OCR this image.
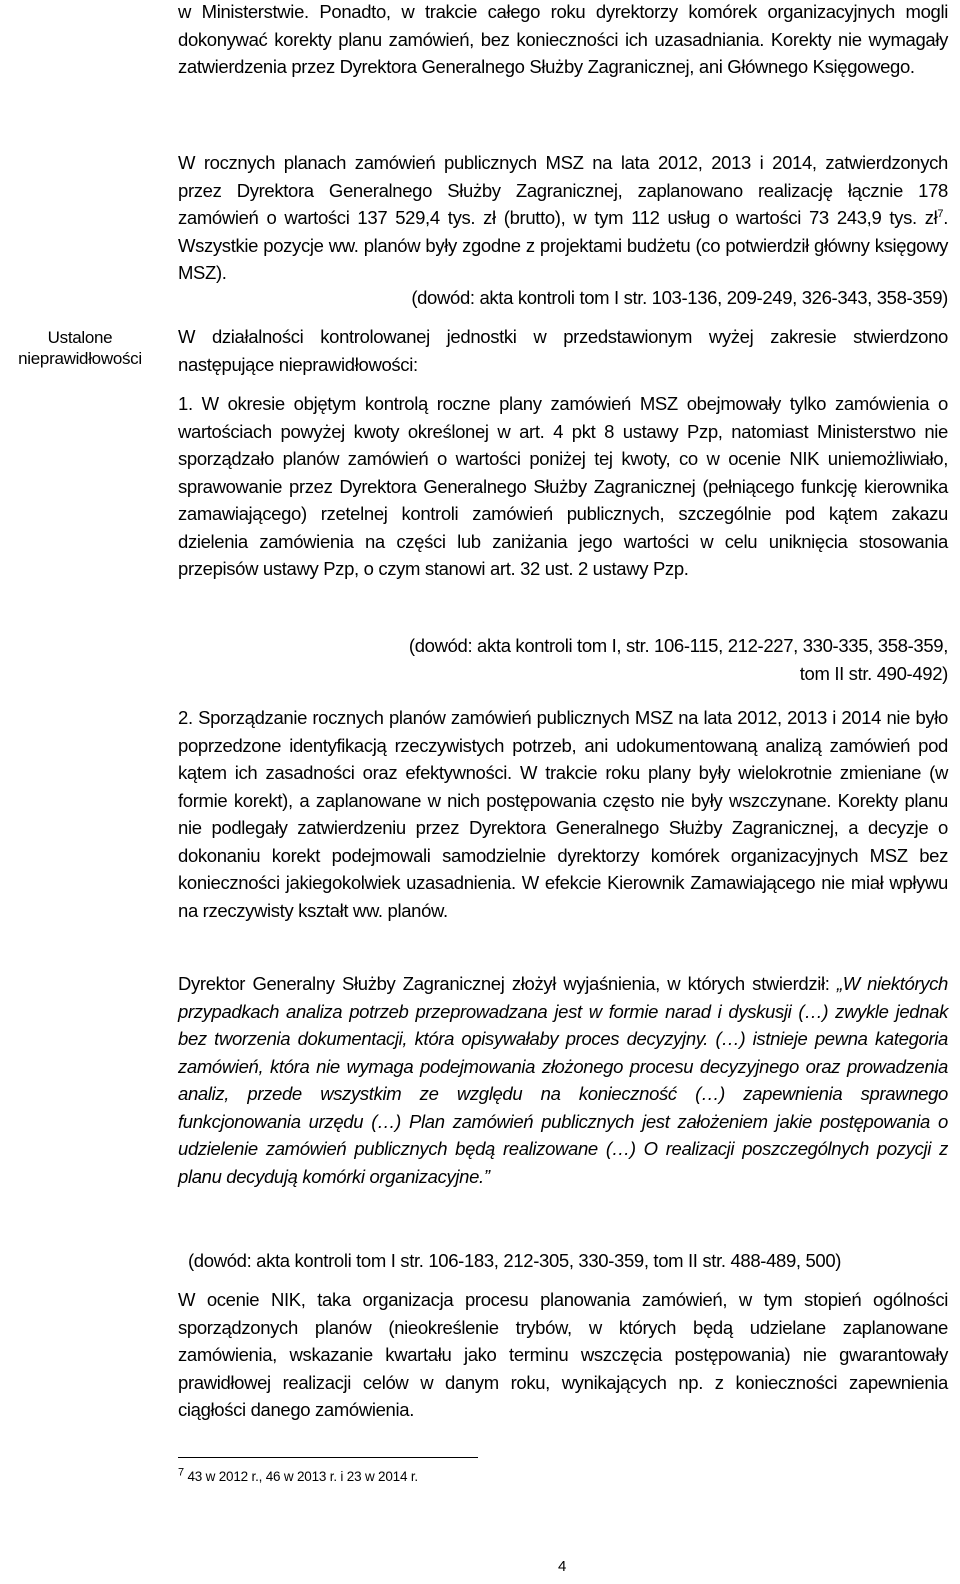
Ustalone
nieprawidłowości
w Ministerstwie. Ponadto, w trakcie całego roku dyrektorzy komórek organizacyjnych mogli dokonywać korekty planu zamówień, bez konieczności ich uzasadniania. Korekty nie wymagały zatwierdzenia przez Dyrektora Generalnego Służby Zagranicznej, ani Głównego Księgowego.
W rocznych planach zamówień publicznych MSZ na lata 2012, 2013 i 2014, zatwierdzonych przez Dyrektora Generalnego Służby Zagranicznej, zaplanowano realizację łącznie 178 zamówień o wartości 137 529,4 tys. zł (brutto), w tym 112 usług o wartości 73 243,9 tys. $zł^7$. Wszystkie pozycje ww. planów były zgodne z projektami budżetu (co potwierdził główny księgowy MSZ).
(dowód: akta kontroli tom I str. 103-136, 209-249, 326-343, 358-359)
W działalności kontrolowanej jednostki w przedstawionym wyżej zakresie stwierdzono następujące nieprawidłowości:
1. W okresie objętym kontrolą roczne plany zamówień MSZ obejmowały tylko zamówienia o wartościach powyżej kwoty określonej w art. 4 pkt 8 ustawy Pzp, natomiast Ministerstwo nie sporządzało planów zamówień o wartości poniżej tej kwoty, co w ocenie NIK uniemożliwiało, sprawowanie przez Dyrektora Generalnego Służby Zagranicznej (pełniącego funkcję kierownika zamawiającego) rzetelnej kontroli zamówień publicznych, szczególnie pod kątem zakazu dzielenia zamówienia na części lub zaniżania jego wartości w celu uniknięcia stosowania przepisów ustawy Pzp, o czym stanowi art. 32 ust. 2 ustawy Pzp.
(dowód: akta kontroli tom I, str. 106-115, 212-227, 330-335, 358-359,
tom II str. 490-492)
2. Sporządzanie rocznych planów zamówień publicznych MSZ na lata 2012, 2013 i 2014 nie było poprzedzone identyfikacją rzeczywistych potrzeb, ani udokumentowaną analizą zamówień pod kątem ich zasadności oraz efektywności. W trakcie roku plany były wielokrotnie zmieniane (w formie korekt), a zaplanowane w nich postępowania często nie były wszczynane. Korekty planu nie podlegały zatwierdzeniu przez Dyrektora Generalnego Służby Zagranicznej, a decyzje o dokonaniu korekt podejmowali samodzielnie dyrektorzy komórek organizacyjnych MSZ bez konieczności jakiegokolwiek uzasadnienia. W efekcie Kierownik Zamawiającego nie miał wpływu na rzeczywisty kształt ww. planów.
Dyrektor Generalny Służby Zagranicznej złożył wyjaśnienia, w których stwierdził: „W niektórych przypadkach analiza potrzeb przeprowadzana jest w formie narad i dyskusji (…) zwykle jednak bez tworzenia dokumentacji, która opisywałaby proces decyzyjny. (…) istnieje pewna kategoria zamówień, która nie wymaga podejmowania złożonego procesu decyzyjnego oraz prowadzenia analiz, przede wszystkim ze względu na konieczność (…) zapewnienia sprawnego funkcjonowania urzędu (…) Plan zamówień publicznych jest założeniem jakie postępowania o udzielenie zamówień publicznych będą realizowane (…) O realizacji poszczególnych pozycji z planu decydują komórki organizacyjne.”
(dowód: akta kontroli tom I str. 106-183, 212-305, 330-359, tom II str. 488-489, 500)
W ocenie NIK, taka organizacja procesu planowania zamówień, w tym stopień ogólności sporządzonych planów (nieokreślenie trybów, w których będą udzielane zaplanowane zamówienia, wskazanie kwartału jako terminu wszczęcia postępowania) nie gwarantowały prawidłowej realizacji celów w danym roku, wynikających np. z konieczności zapewnienia ciągłości danego zamówienia.
$^7$ 43 w 2012 r., 46 w 2013 r. i 23 w 2014 r.
4
